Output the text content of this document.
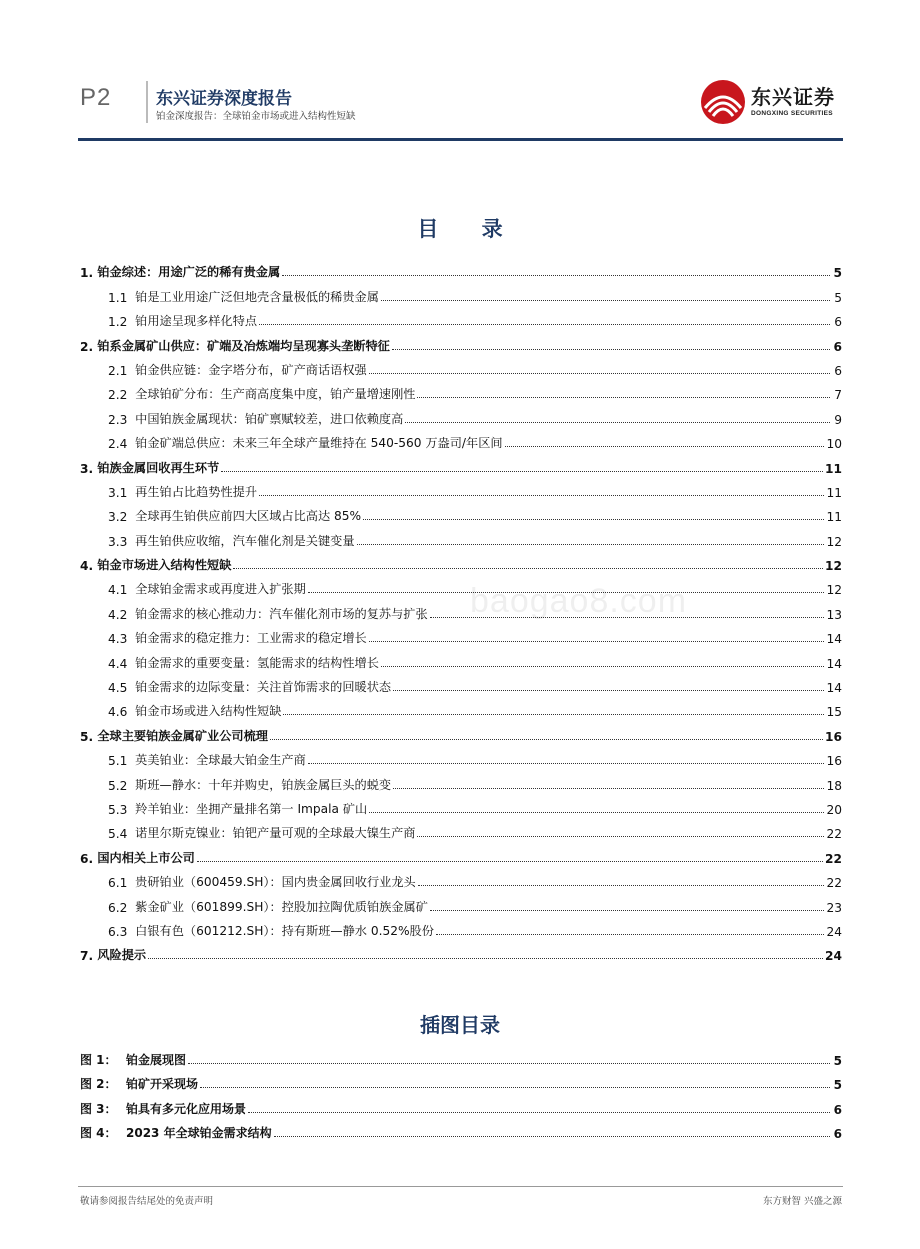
P2	东兴证券深度报告
铂金深度报告：全球铂金市场或进入结构性短缺
东兴证券
DONGXING SECURITIES
目 录
1. 铂金综述：用途广泛的稀有贵金属	5
1.1 铂是工业用途广泛但地壳含量极低的稀贵金属	5
1.2 铂用途呈现多样化特点	6
2. 铂系金属矿山供应：矿端及冶炼端均呈现寡头垄断特征	6
2.1 铂金供应链：金字塔分布，矿产商话语权强	6
2.2 全球铂矿分布：生产商高度集中度，铂产量增速刚性	7
2.3 中国铂族金属现状：铂矿禀赋较差，进口依赖度高	9
2.4 铂金矿端总供应：未来三年全球产量维持在 540-560 万盎司/年区间	10
3. 铂族金属回收再生环节	11
3.1 再生铂占比趋势性提升	11
3.2 全球再生铂供应前四大区域占比高达 85%	11
3.3 再生铂供应收缩，汽车催化剂是关键变量	12
4. 铂金市场进入结构性短缺	12
4.1 全球铂金需求或再度进入扩张期	12
4.2 铂金需求的核心推动力：汽车催化剂市场的复苏与扩张	13
4.3 铂金需求的稳定推力：工业需求的稳定增长	14
4.4 铂金需求的重要变量：氢能需求的结构性增长	14
4.5 铂金需求的边际变量：关注首饰需求的回暖状态	14
4.6 铂金市场或进入结构性短缺	15
5. 全球主要铂族金属矿业公司梳理	16
5.1 英美铂业：全球最大铂金生产商	16
5.2 斯班—静水：十年并购史，铂族金属巨头的蜕变	18
5.3 羚羊铂业：坐拥产量排名第一 Impala 矿山	20
5.4 诺里尔斯克镍业：铂钯产量可观的全球最大镍生产商	22
6. 国内相关上市公司	22
6.1 贵研铂业（600459.SH）：国内贵金属回收行业龙头	22
6.2 紫金矿业（601899.SH）：控股加拉陶优质铂族金属矿	23
6.3 白银有色（601212.SH）：持有斯班—静水 0.52%股份	24
7. 风险提示	24
baogao8.com
插图目录
图 1： 铂金展现图	5
图 2： 铂矿开采现场	5
图 3： 铂具有多元化应用场景	6
图 4： 2023 年全球铂金需求结构	6
敬请参阅报告结尾处的免责声明	东方财智 兴盛之源
